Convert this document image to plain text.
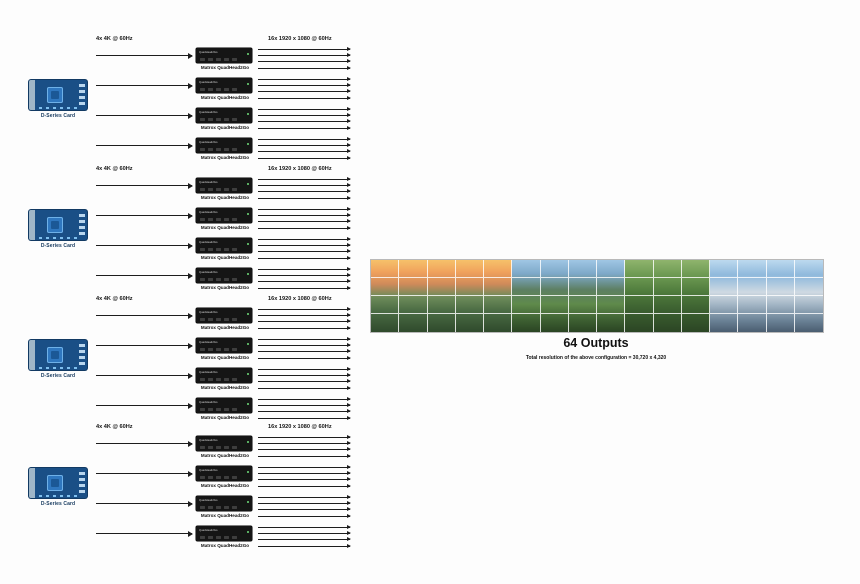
D-Series Card
4x 4K @ 60Hz	16x 1920 x 1080 @ 60Hz
QuadHead2Go
Matrox QuadHead2Go
QuadHead2Go
Matrox QuadHead2Go
QuadHead2Go
Matrox QuadHead2Go
QuadHead2Go
Matrox QuadHead2Go
D-Series Card
4x 4K @ 60Hz	16x 1920 x 1080 @ 60Hz
QuadHead2Go
Matrox QuadHead2Go
QuadHead2Go
Matrox QuadHead2Go
QuadHead2Go
Matrox QuadHead2Go
QuadHead2Go
Matrox QuadHead2Go
D-Series Card
4x 4K @ 60Hz	16x 1920 x 1080 @ 60Hz
QuadHead2Go
Matrox QuadHead2Go
QuadHead2Go
Matrox QuadHead2Go
QuadHead2Go
Matrox QuadHead2Go
QuadHead2Go
Matrox QuadHead2Go
D-Series Card
4x 4K @ 60Hz	16x 1920 x 1080 @ 60Hz
QuadHead2Go
Matrox QuadHead2Go
QuadHead2Go
Matrox QuadHead2Go
QuadHead2Go
Matrox QuadHead2Go
QuadHead2Go
Matrox QuadHead2Go
64 Outputs
Total resolution of the above configuration = 30,720 x 4,320
